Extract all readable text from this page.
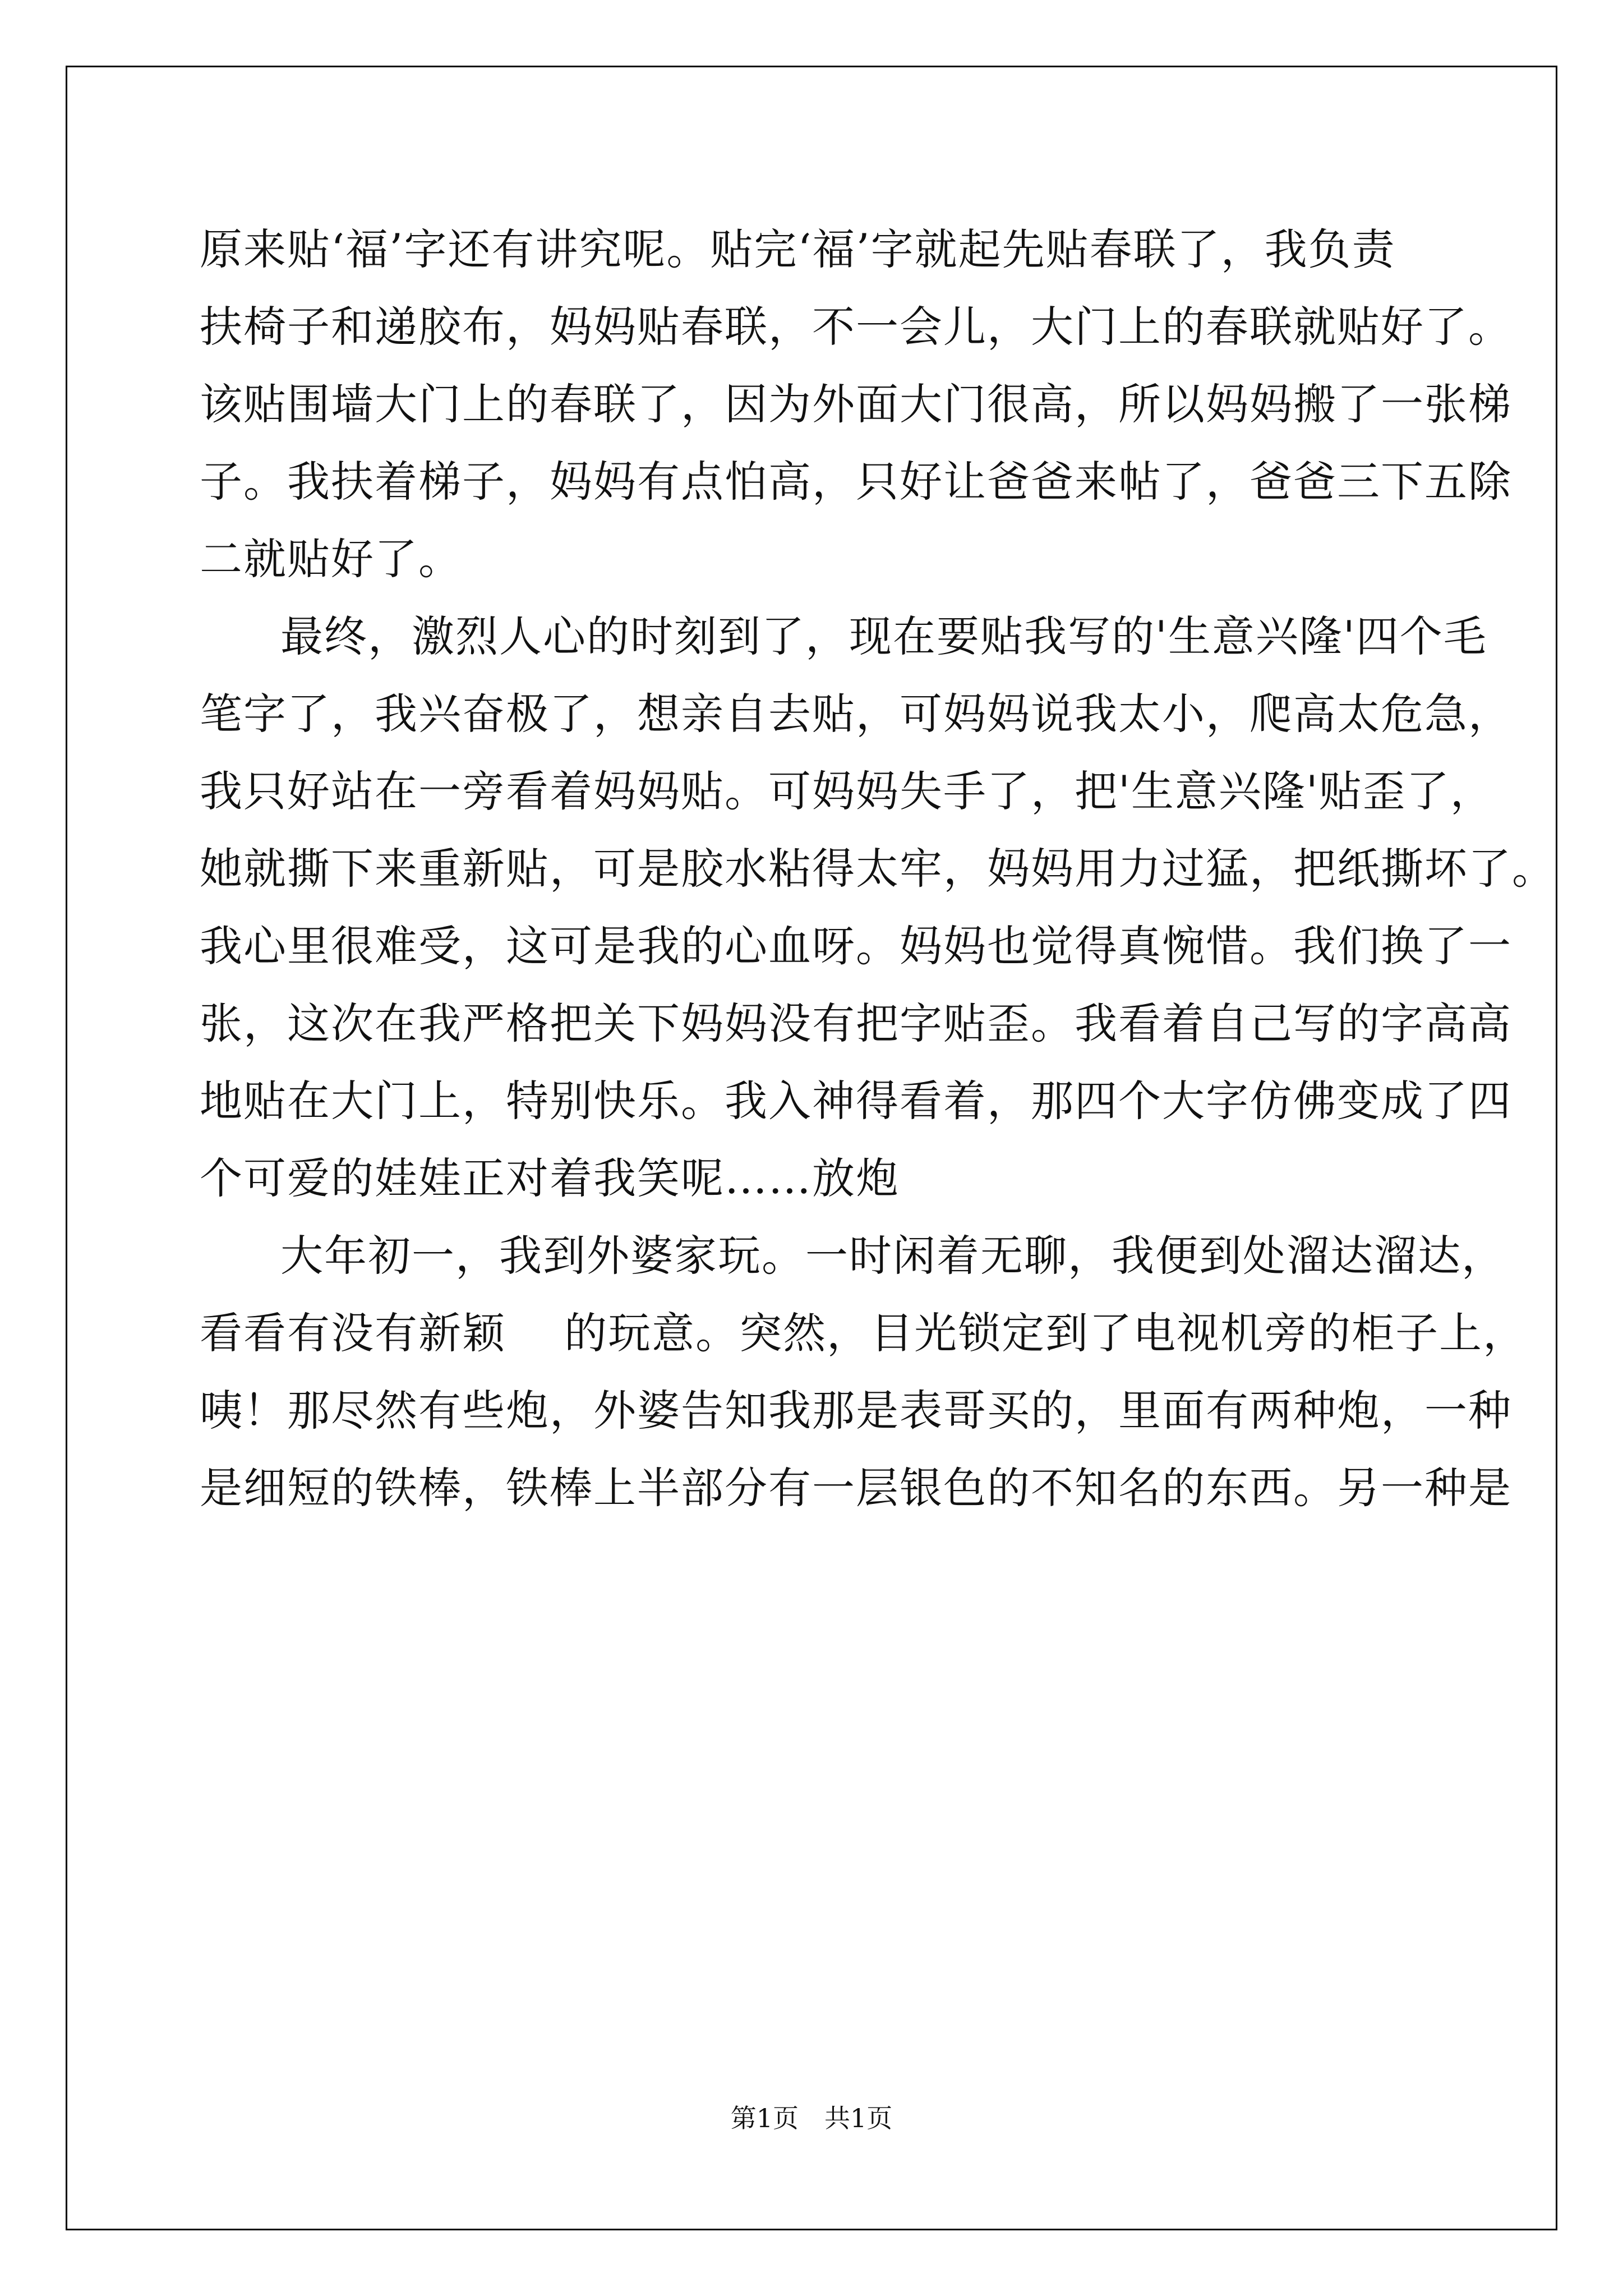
原来贴‘福’字还有讲究呢。贴完‘福’字就起先贴春联了，我负责
扶椅子和递胶布，妈妈贴春联，不一会儿，大门上的春联就贴好了。
该贴围墙大门上的春联了，因为外面大门很高，所以妈妈搬了一张梯
子。我扶着梯子，妈妈有点怕高，只好让爸爸来帖了，爸爸三下五除
二就贴好了。
最终，激烈人心的时刻到了，现在要贴我写的'生意兴隆'四个毛
笔字了，我兴奋极了，想亲自去贴，可妈妈说我太小，爬高太危急，
我只好站在一旁看着妈妈贴。可妈妈失手了，把'生意兴隆'贴歪了，
她就撕下来重新贴，可是胶水粘得太牢，妈妈用力过猛，把纸撕坏了。
我心里很难受，这可是我的心血呀。妈妈也觉得真惋惜。我们换了一
张，这次在我严格把关下妈妈没有把字贴歪。我看着自己写的字高高
地贴在大门上，特别快乐。我入神得看着，那四个大字仿佛变成了四
个可爱的娃娃正对着我笑呢……放炮
大年初一，我到外婆家玩。一时闲着无聊，我便到处溜达溜达，
看看有没有新颖　 的玩意。突然，目光锁定到了电视机旁的柜子上，
咦！那尽然有些炮，外婆告知我那是表哥买的，里面有两种炮，一种
是细短的铁棒，铁棒上半部分有一层银色的不知名的东西。另一种是
第1页　共1页
